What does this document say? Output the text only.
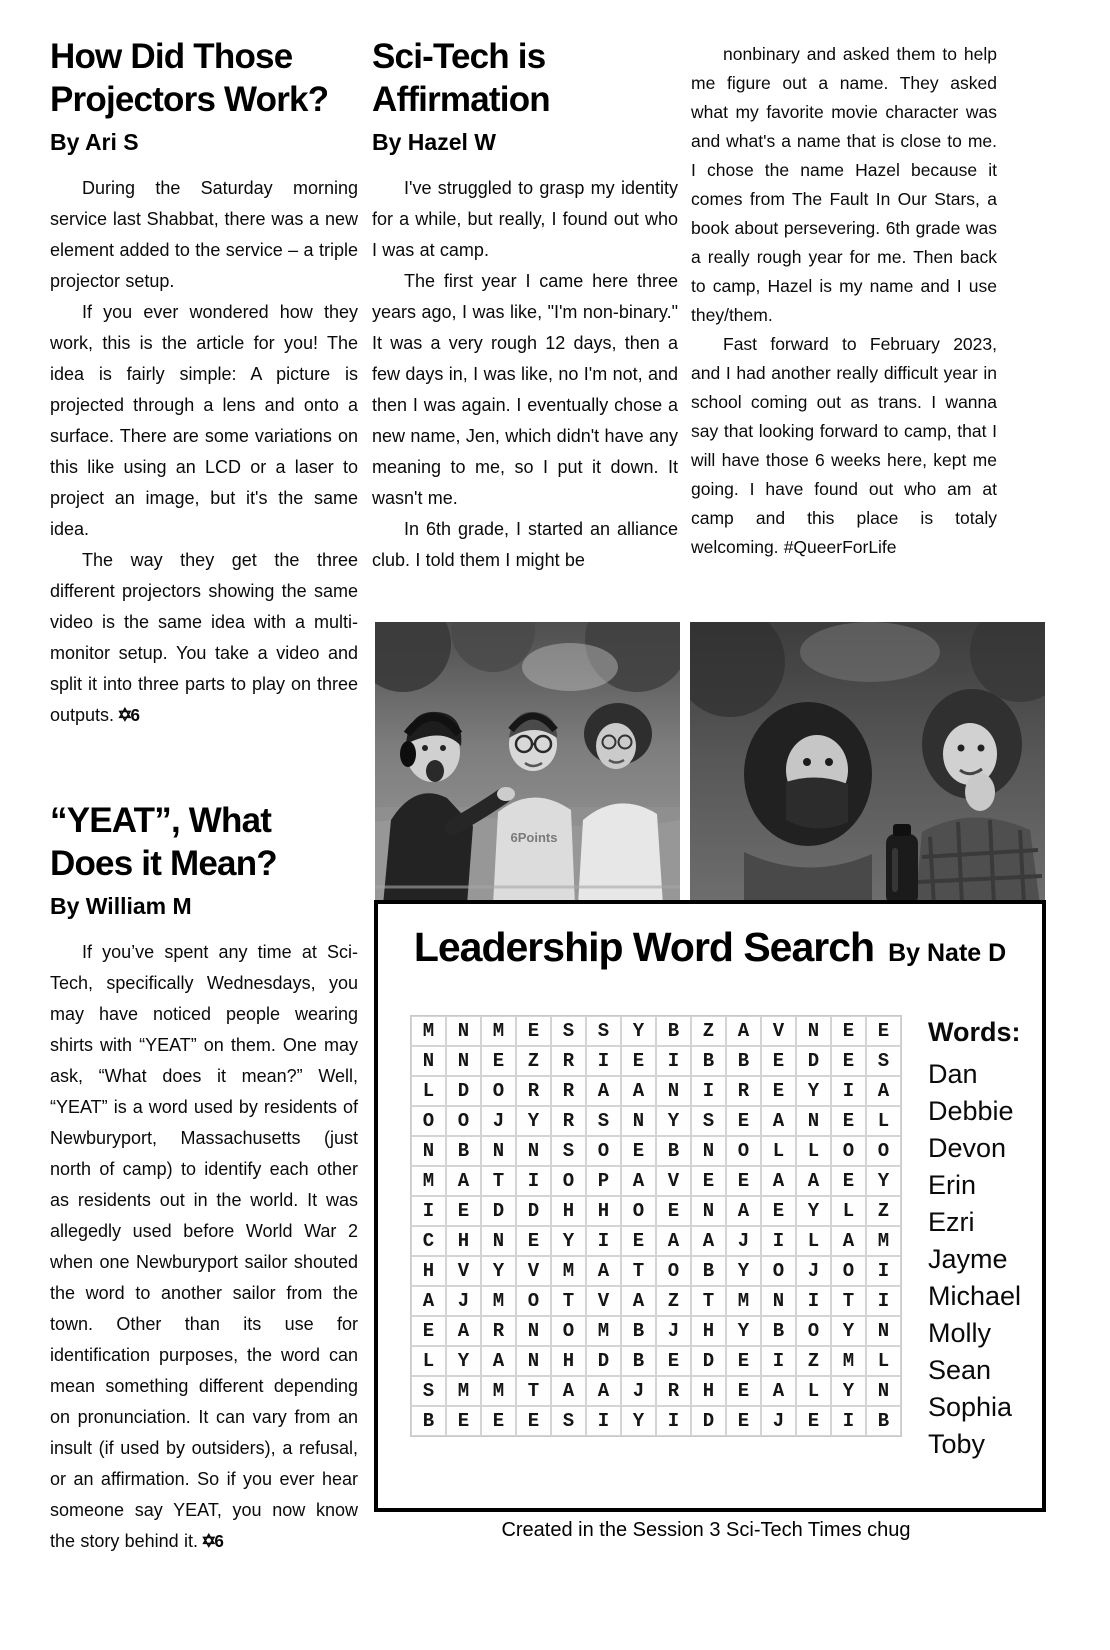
How Did Those Projectors Work?
By Ari S

During the Saturday morning service last Shabbat, there was a new element added to the service – a triple projector setup.

If you ever wondered how they work, this is the article for you! The idea is fairly simple: A picture is projected through a lens and onto a surface. There are some variations on this like using an LCD or a laser to project an image, but it's the same idea.

The way they get the three different projectors showing the same video is the same idea with a multi-monitor setup. You take a video and split it into three parts to play on three outputs. ✡6

“YEAT”, What Does it Mean?
By William M

If you’ve spent any time at Sci-Tech, specifically Wednesdays, you may have noticed people wearing shirts with “YEAT” on them. One may ask, “What does it mean?” Well, “YEAT” is a word used by residents of Newburyport, Massachusetts (just north of camp) to identify each other as residents out in the world. It was allegedly used before World War 2 when one Newburyport sailor shouted the word to another sailor from the town. Other than its use for identification purposes, the word can mean something different depending on pronunciation. It can vary from an insult (if used by outsiders), a refusal, or an affirmation. So if you ever hear someone say YEAT, you now know the story behind it. ✡6

Sci-Tech is Affirmation
By Hazel W

I've struggled to grasp my identity for a while, but really, I found out who I was at camp.

The first year I came here three years ago, I was like, "I'm non-binary." It was a very rough 12 days, then a few days in, I was like, no I'm not, and then I was again. I eventually chose a new name, Jen, which didn't have any meaning to me, so I put it down. It wasn't me.

In 6th grade, I started an alliance club. I told them I might be

nonbinary and asked them to help me figure out a name. They asked what my favorite movie character was and what's a name that is close to me. I chose the name Hazel because it comes from The Fault In Our Stars, a book about persevering. 6th grade was a really rough year for me. Then back to camp, Hazel is my name and I use they/them.

Fast forward to February 2023, and I had another really difficult year in school coming out as trans. I wanna say that looking forward to camp, that I will have those 6 weeks here, kept me going. I have found out who am at camp and this place is totaly welcoming. #QueerForLife

6Points
Leadership Word Search By Nate D
M	N	M	E	S	S	Y	B	Z	A	V	N	E	E
N	N	E	Z	R	I	E	I	B	B	E	D	E	S
L	D	O	R	R	A	A	N	I	R	E	Y	I	A
O	O	J	Y	R	S	N	Y	S	E	A	N	E	L
N	B	N	N	S	O	E	B	N	O	L	L	O	O
M	A	T	I	O	P	A	V	E	E	A	A	E	Y
I	E	D	D	H	H	O	E	N	A	E	Y	L	Z
C	H	N	E	Y	I	E	A	A	J	I	L	A	M
H	V	Y	V	M	A	T	O	B	Y	O	J	O	I
A	J	M	O	T	V	A	Z	T	M	N	I	T	I
E	A	R	N	O	M	B	J	H	Y	B	O	Y	N
L	Y	A	N	H	D	B	E	D	E	I	Z	M	L
S	M	M	T	A	A	J	R	H	E	A	L	Y	N
B	E	E	E	S	I	Y	I	D	E	J	E	I	B
Words:
Dan
Debbie
Devon
Erin
Ezri
Jayme
Michael
Molly
Sean
Sophia
Toby
Created in the Session 3 Sci-Tech Times chug
